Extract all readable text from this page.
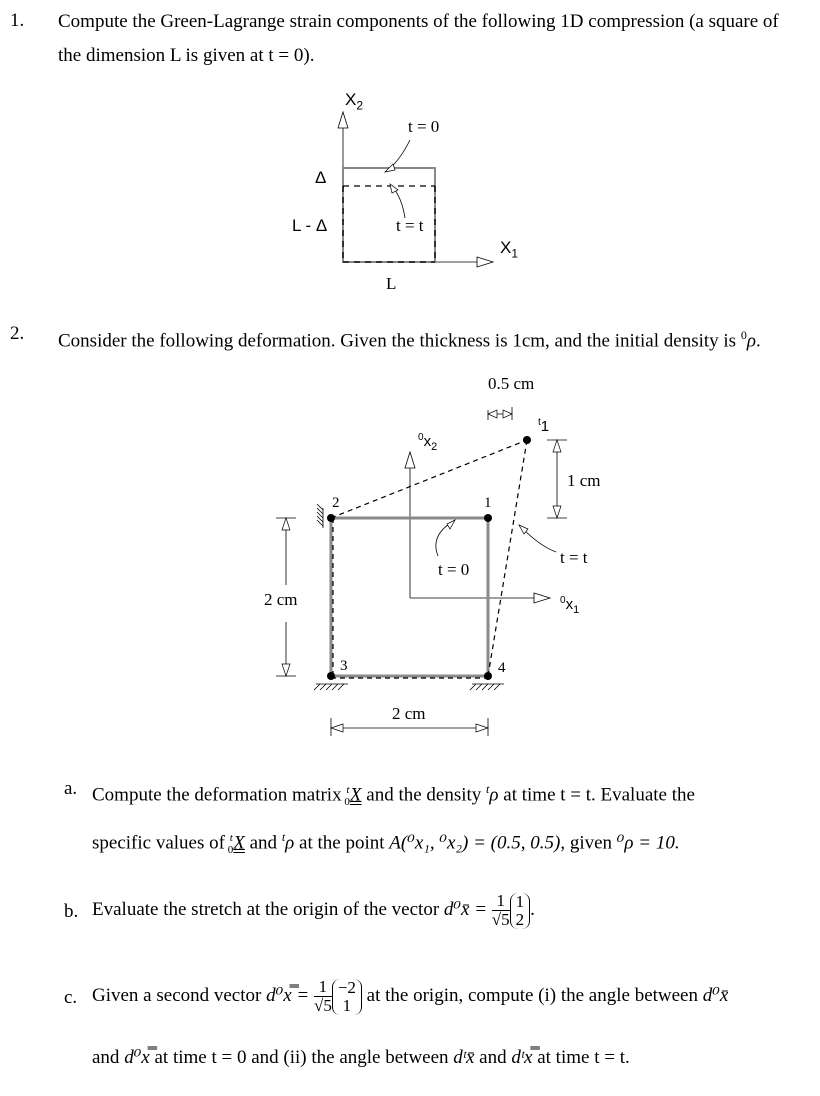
1. Compute the Green-Lagrange strain components of the following 1D compression (a square of
the dimension L is given at t = 0).
$X_2$
t = 0
Δ
L - Δ	t = t
$X_1$
L
2. Consider the following deformation. Given the thickness is 1cm, and the initial density is $^0$ρ.
0.5 cm
$^t$1
1 cm
$^0x_2$
2	1
t = t
t = 0
2 cm	$^0x_1$
3	4
2 cm
a. Compute the deformation matrix $^t_0$X and the density $^t$ρ at time t = t. Evaluate the
specific values of $^t_0$X and $^t$ρ at the point A(⁰x₁, ⁰x₂) = (0.5, 0.5), given ⁰ρ = 10.
b. Evaluate the stretch at the origin of the vector d⁰x̄ = $\frac{1}{√5} 1$
2 .
c. Given a second vector d⁰x̿ = $\frac{1}{√5} -2$
1 at the origin, compute (i) the angle between d⁰x̄
and d⁰x̿ at time t = 0 and (ii) the angle between dᵗx̄ and dᵗx̿ at time t = t.
